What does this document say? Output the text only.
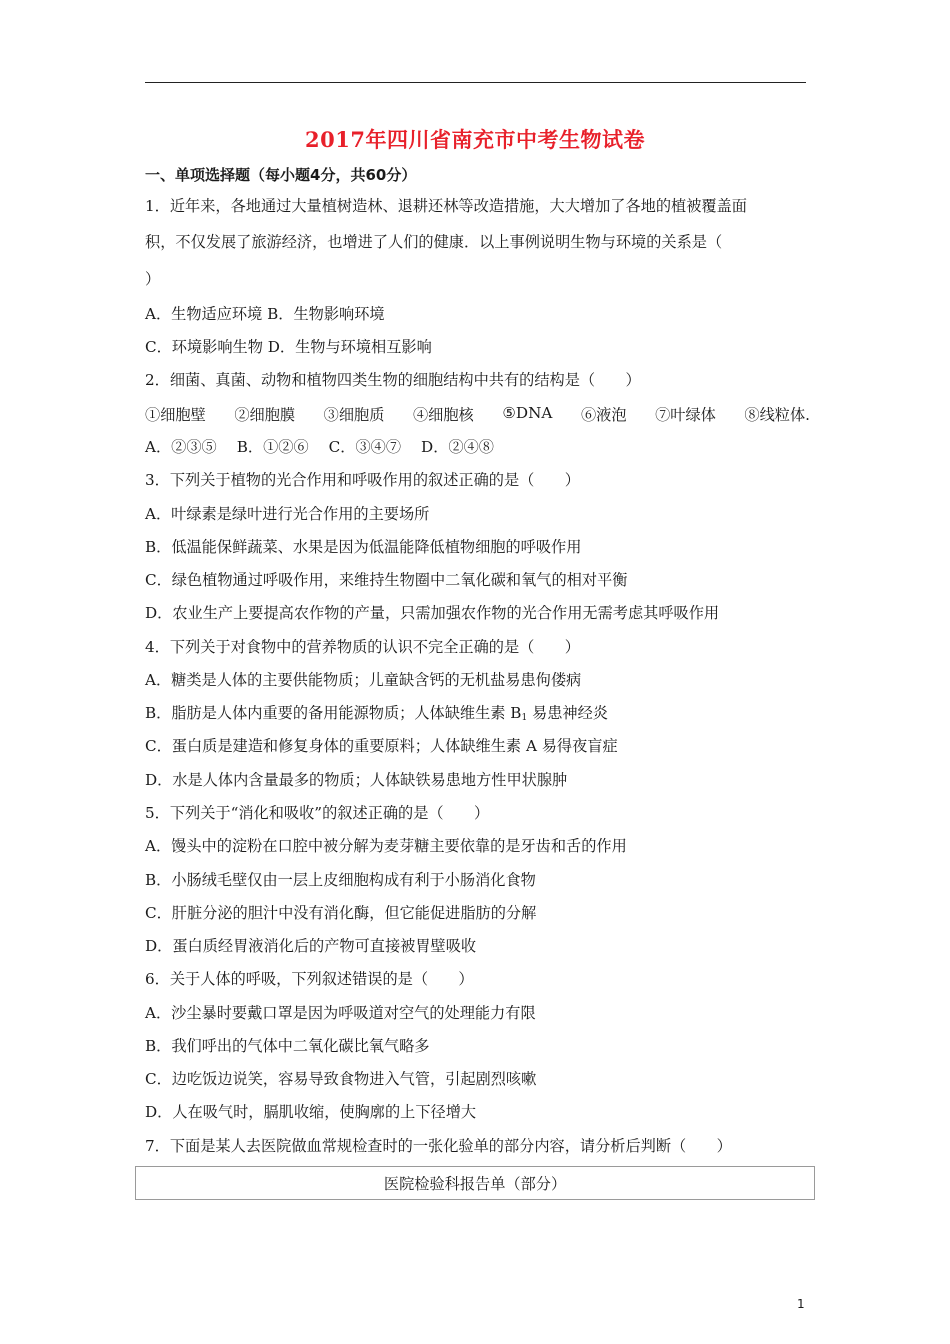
2017年四川省南充市中考生物试卷
一、单项选择题（每小题4分，共60分）
1．近年来，各地通过大量植树造林、退耕还林等改造措施，大大增加了各地的植被覆盖面
积，不仅发展了旅游经济，也增进了人们的健康．以上事例说明生物与环境的关系是（
）
A．生物适应环境 B．生物影响环境
C．环境影响生物 D．生物与环境相互影响
2．细菌、真菌、动物和植物四类生物的细胞结构中共有的结构是（　　）
①细胞壁 ②细胞膜 ③细胞质 ④细胞核 ⑤DNA ⑥液泡 ⑦叶绿体 ⑧线粒体.
A．②③⑤　 B．①②⑥　 C．③④⑦　 D．②④⑧
3．下列关于植物的光合作用和呼吸作用的叙述正确的是（　　）
A．叶绿素是绿叶进行光合作用的主要场所
B．低温能保鲜蔬菜、水果是因为低温能降低植物细胞的呼吸作用
C．绿色植物通过呼吸作用，来维持生物圈中二氧化碳和氧气的相对平衡
D．农业生产上要提高农作物的产量，只需加强农作物的光合作用无需考虑其呼吸作用
4．下列关于对食物中的营养物质的认识不完全正确的是（　　）
A．糖类是人体的主要供能物质；儿童缺含钙的无机盐易患佝偻病
B．脂肪是人体内重要的备用能源物质；人体缺维生素 $B_1$ 易患神经炎
C．蛋白质是建造和修复身体的重要原料；人体缺维生素 A 易得夜盲症
D．水是人体内含量最多的物质；人体缺铁易患地方性甲状腺肿
5．下列关于“消化和吸收”的叙述正确的是（　　）
A．馒头中的淀粉在口腔中被分解为麦芽糖主要依靠的是牙齿和舌的作用
B．小肠绒毛壁仅由一层上皮细胞构成有利于小肠消化食物
C．肝脏分泌的胆汁中没有消化酶，但它能促进脂肪的分解
D．蛋白质经胃液消化后的产物可直接被胃壁吸收
6．关于人体的呼吸，下列叙述错误的是（　　）
A．沙尘暴时要戴口罩是因为呼吸道对空气的处理能力有限
B．我们呼出的气体中二氧化碳比氧气略多
C．边吃饭边说笑，容易导致食物进入气管，引起剧烈咳嗽
D．人在吸气时，膈肌收缩，使胸廓的上下径增大
7．下面是某人去医院做血常规检查时的一张化验单的部分内容，请分析后判断（　　）
医院检验科报告单（部分）
1
